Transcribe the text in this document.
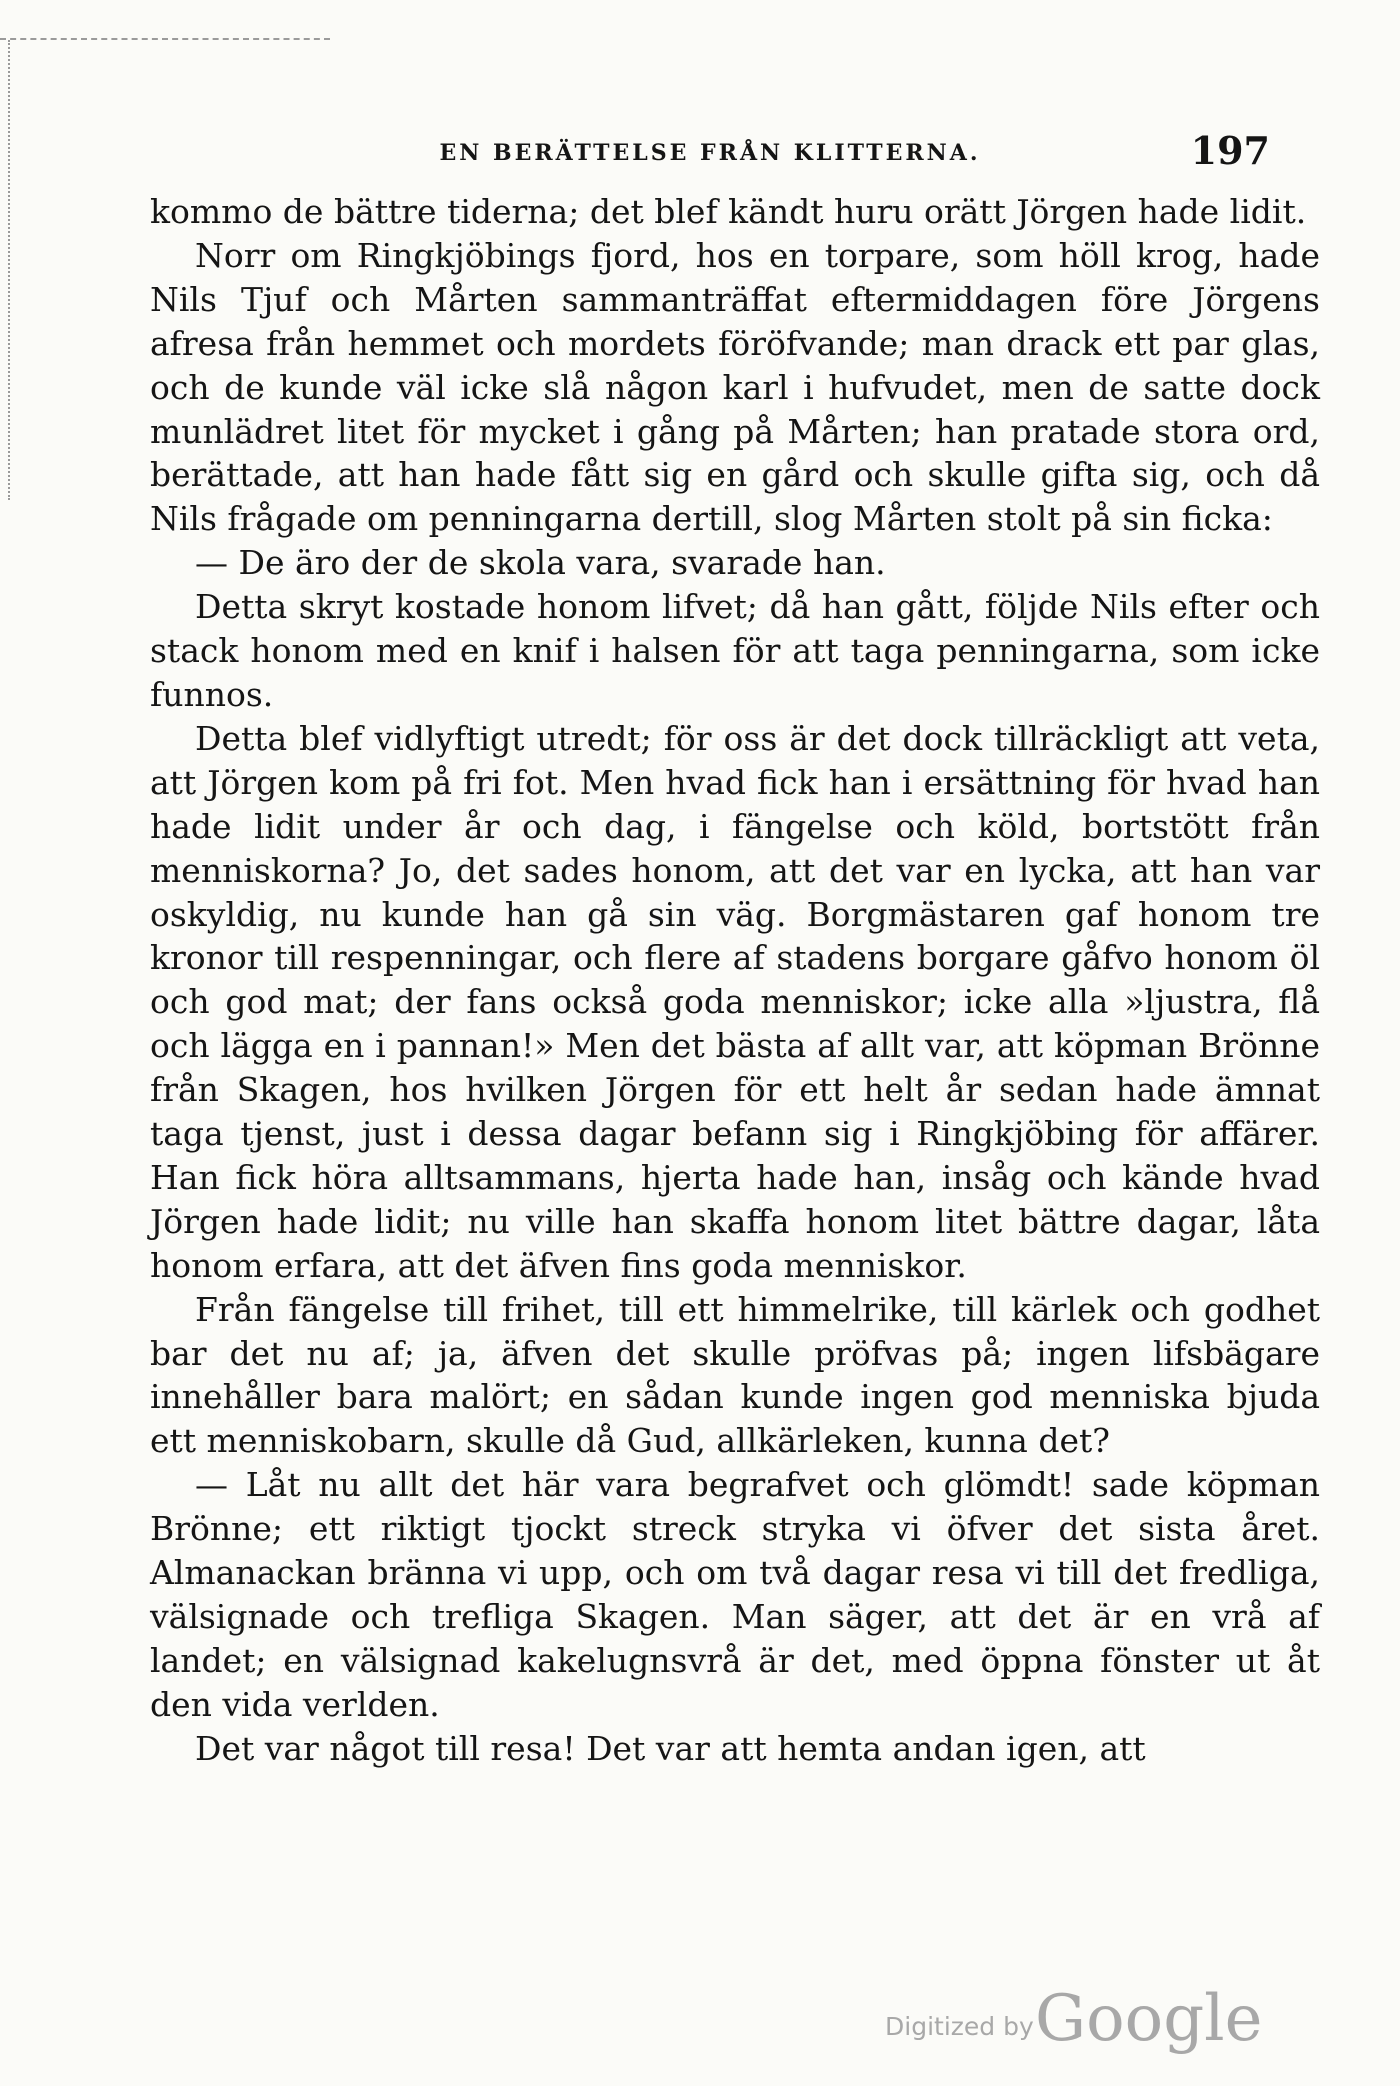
EN BERÄTTELSE FRÅN KLITTERNA.	197

kommo de bättre tiderna; det blef kändt huru orätt Jörgen hade lidit.

Norr om Ringkjöbings fjord, hos en torpare, som höll krog, hade Nils Tjuf och Mårten sammanträffat eftermiddagen före Jörgens afresa från hemmet och mordets föröfvande; man drack ett par glas, och de kunde väl icke slå någon karl i hufvudet, men de satte dock munlädret litet för mycket i gång på Mårten; han pratade stora ord, berättade, att han hade fått sig en gård och skulle gifta sig, och då Nils frågade om penningarna dertill, slog Mårten stolt på sin ficka:

— De äro der de skola vara, svarade han.

Detta skryt kostade honom lifvet; då han gått, följde Nils efter och stack honom med en knif i halsen för att taga penningarna, som icke funnos.

Detta blef vidlyftigt utredt; för oss är det dock tillräckligt att veta, att Jörgen kom på fri fot. Men hvad fick han i ersättning för hvad han hade lidit under år och dag, i fängelse och köld, bortstött från menniskorna? Jo, det sades honom, att det var en lycka, att han var oskyldig, nu kunde han gå sin väg. Borgmästaren gaf honom tre kronor till respenningar, och flere af stadens borgare gåfvo honom öl och god mat; der fans också goda menniskor; icke alla »ljustra, flå och lägga en i pannan!» Men det bästa af allt var, att köpman Brönne från Skagen, hos hvilken Jörgen för ett helt år sedan hade ämnat taga tjenst, just i dessa dagar befann sig i Ringkjöbing för affärer. Han fick höra alltsammans, hjerta hade han, insåg och kände hvad Jörgen hade lidit; nu ville han skaffa honom litet bättre dagar, låta honom erfara, att det äfven fins goda menniskor.

Från fängelse till frihet, till ett himmelrike, till kärlek och godhet bar det nu af; ja, äfven det skulle pröfvas på; ingen lifsbägare innehåller bara malört; en sådan kunde ingen god menniska bjuda ett menniskobarn, skulle då Gud, allkärleken, kunna det?

— Låt nu allt det här vara begrafvet och glömdt! sade köpman Brönne; ett riktigt tjockt streck stryka vi öfver det sista året. Almanackan bränna vi upp, och om två dagar resa vi till det fredliga, välsignade och trefliga Skagen. Man säger, att det är en vrå af landet; en välsignad kakelugnsvrå är det, med öppna fönster ut åt den vida verlden.

Det var något till resa! Det var att hemta andan igen, att

Digitized by Google
